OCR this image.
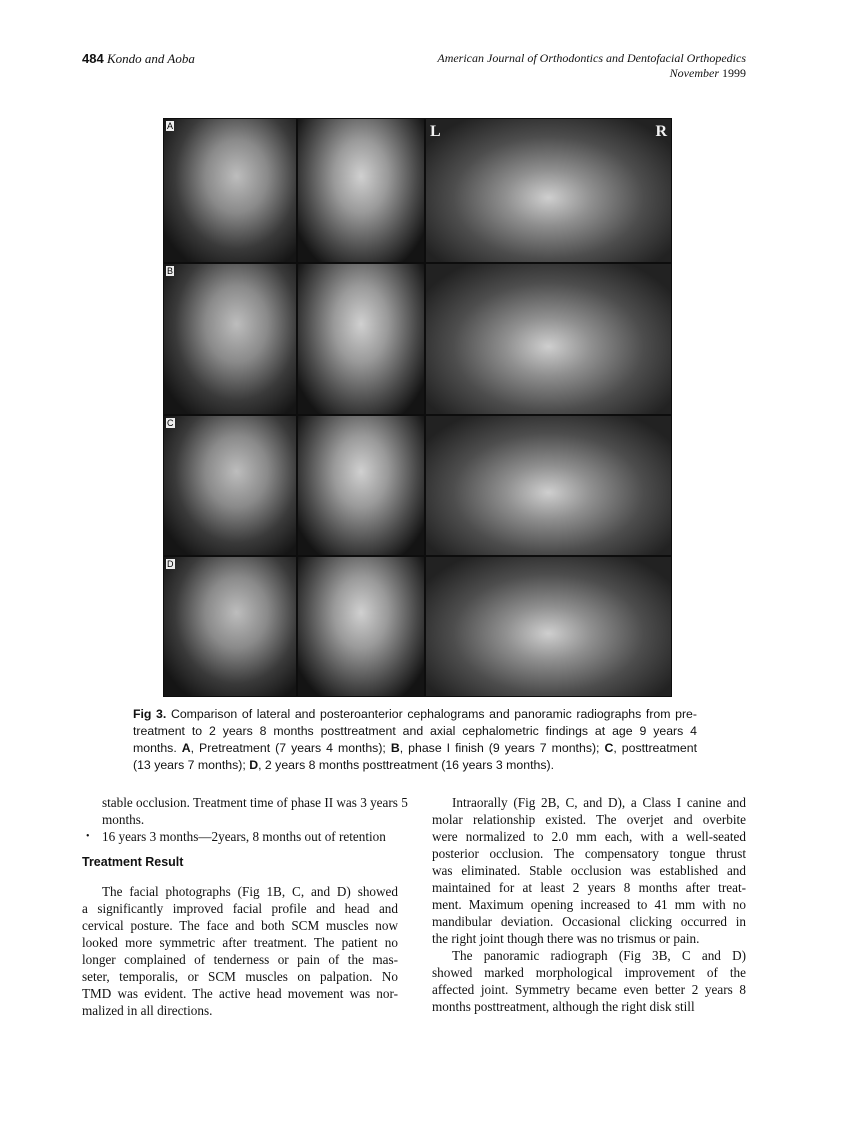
484 Kondo and Aoba	American Journal of Orthodontics and Dentofacial Orthopedics
November 1999
A	L	R
B
C
D
Fig 3. Comparison of lateral and posteroanterior cephalograms and panoramic radiographs from pre-
treatment to 2 years 8 months posttreatment and axial cephalometric findings at age 9 years 4
months. A, Pretreatment (7 years 4 months); B, phase I finish (9 years 7 months); C, posttreatment
(13 years 7 months); D, 2 years 8 months posttreatment (16 years 3 months).
stable occlusion. Treatment time of phase II was 3 years 5
months.
• 16 years 3 months—2years, 8 months out of retention
Treatment Result
The facial photographs (Fig 1B, C, and D) showed
a significantly improved facial profile and head and
cervical posture. The face and both SCM muscles now
looked more symmetric after treatment. The patient no
longer complained of tenderness or pain of the mas-
seter, temporalis, or SCM muscles on palpation. No
TMD was evident. The active head movement was nor-
malized in all directions.
Intraorally (Fig 2B, C, and D), a Class I canine and
molar relationship existed. The overjet and overbite
were normalized to 2.0 mm each, with a well-seated
posterior occlusion. The compensatory tongue thrust
was eliminated. Stable occlusion was established and
maintained for at least 2 years 8 months after treat-
ment. Maximum opening increased to 41 mm with no
mandibular deviation. Occasional clicking occurred in
the right joint though there was no trismus or pain.
The panoramic radiograph (Fig 3B, C and D)
showed marked morphological improvement of the
affected joint. Symmetry became even better 2 years 8
months posttreatment, although the right disk still
